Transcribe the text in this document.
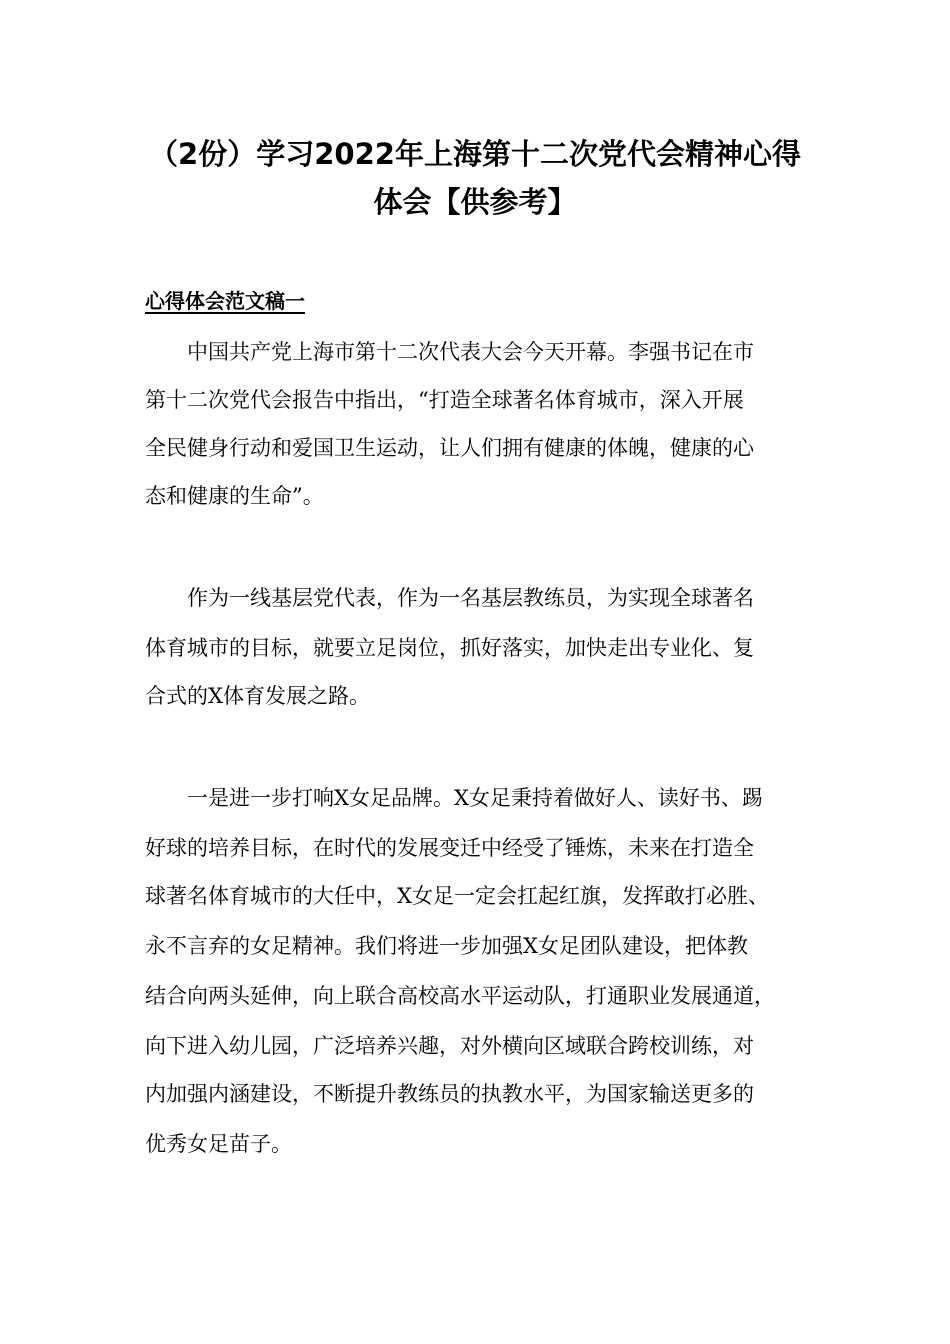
（2份）学习2022年上海第十二次党代会精神心得
体会【供参考】
心得体会范文稿一

　　中国共产党上海市第十二次代表大会今天开幕。李强书记在市

第十二次党代会报告中指出，“打造全球著名体育城市，深入开展

全民健身行动和爱国卫生运动，让人们拥有健康的体魄，健康的心

态和健康的生命”。

　　作为一线基层党代表，作为一名基层教练员，为实现全球著名

体育城市的目标，就要立足岗位，抓好落实，加快走出专业化、复

合式的X体育发展之路。

　　一是进一步打响X女足品牌。X女足秉持着做好人、读好书、踢

好球的培养目标，在时代的发展变迁中经受了锤炼，未来在打造全

球著名体育城市的大任中，X女足一定会扛起红旗，发挥敢打必胜、

永不言弃的女足精神。我们将进一步加强X女足团队建设，把体教

结合向两头延伸，向上联合高校高水平运动队，打通职业发展通道，

向下进入幼儿园，广泛培养兴趣，对外横向区域联合跨校训练，对

内加强内涵建设，不断提升教练员的执教水平，为国家输送更多的

优秀女足苗子。
